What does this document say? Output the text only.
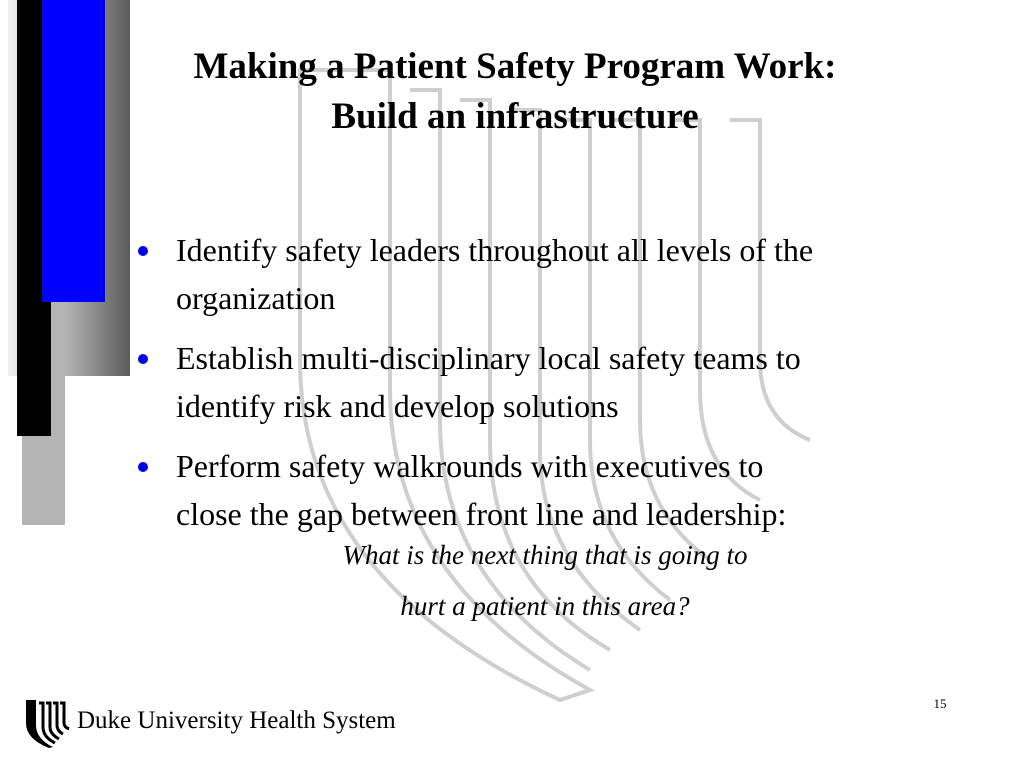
Making a Patient Safety Program Work:
Build an infrastructure
Identify safety leaders throughout all levels of the
organization
Establish multi-disciplinary local safety teams to
identify risk and develop solutions
Perform safety walkrounds with executives to
close the gap between front line and leadership:
What is the next thing that is going to
hurt a patient in this area?
15
Duke University Health System
